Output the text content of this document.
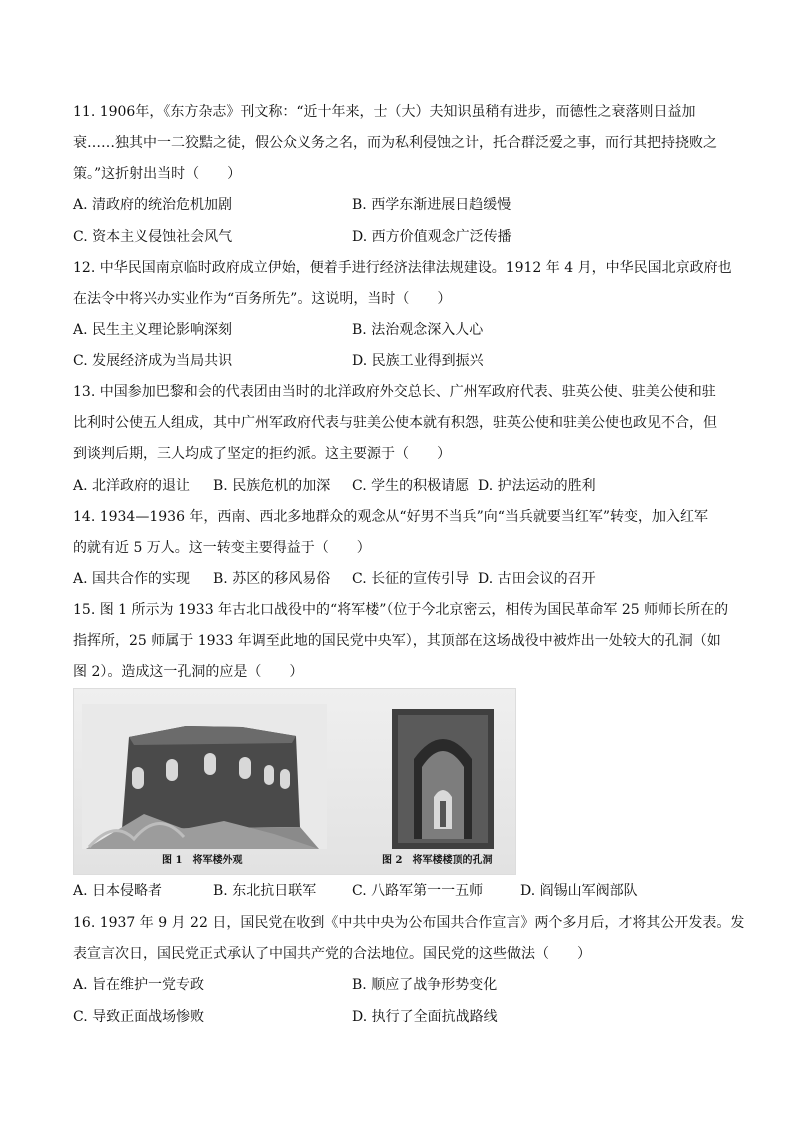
11. 1906年，《东方杂志》刊文称：“近十年来，士（大）夫知识虽稍有进步，而德性之衰落则日益加
衰……独其中一二狡黠之徒，假公众义务之名，而为私利侵蚀之计，托合群泛爱之事，而行其把持挠败之
策。”这折射出当时（　　）
A. 清政府的统治危机加剧	B. 西学东渐进展日趋缓慢
C. 资本主义侵蚀社会风气	D. 西方价值观念广泛传播
12. 中华民国南京临时政府成立伊始，便着手进行经济法律法规建设。1912 年 4 月，中华民国北京政府也
在法令中将兴办实业作为“百务所先”。这说明，当时（　　）
A. 民生主义理论影响深刻	B. 法治观念深入人心
C. 发展经济成为当局共识	D. 民族工业得到振兴
13. 中国参加巴黎和会的代表团由当时的北洋政府外交总长、广州军政府代表、驻英公使、驻美公使和驻
比利时公使五人组成，其中广州军政府代表与驻美公使本就有积怨，驻英公使和驻美公使也政见不合，但
到谈判后期，三人均成了坚定的拒约派。这主要源于（　　）
A. 北洋政府的退让 B. 民族危机的加深 C. 学生的积极请愿 D. 护法运动的胜利
14. 1934—1936 年，西南、西北多地群众的观念从“好男不当兵”向“当兵就要当红军”转变，加入红军
的就有近 5 万人。这一转变主要得益于（　　）
A. 国共合作的实现 B. 苏区的移风易俗 C. 长征的宣传引导 D. 古田会议的召开
15. 图 1 所示为 1933 年古北口战役中的“将军楼”（位于今北京密云，相传为国民革命军 25 师师长所在的
指挥所，25 师属于 1933 年调至此地的国民党中央军），其顶部在这场战役中被炸出一处较大的孔洞（如
图 2）。造成这一孔洞的应是（　　）
图 1　将军楼外观	图 2　将军楼楼顶的孔洞
A. 日本侵略者	B. 东北抗日联军	C. 八路军第一一五师	D. 阎锡山军阀部队
16. 1937 年 9 月 22 日，国民党在收到《中共中央为公布国共合作宣言》两个多月后，才将其公开发表。发
表宣言次日，国民党正式承认了中国共产党的合法地位。国民党的这些做法（　　）
A. 旨在维护一党专政	B. 顺应了战争形势变化
C. 导致正面战场惨败	D. 执行了全面抗战路线
